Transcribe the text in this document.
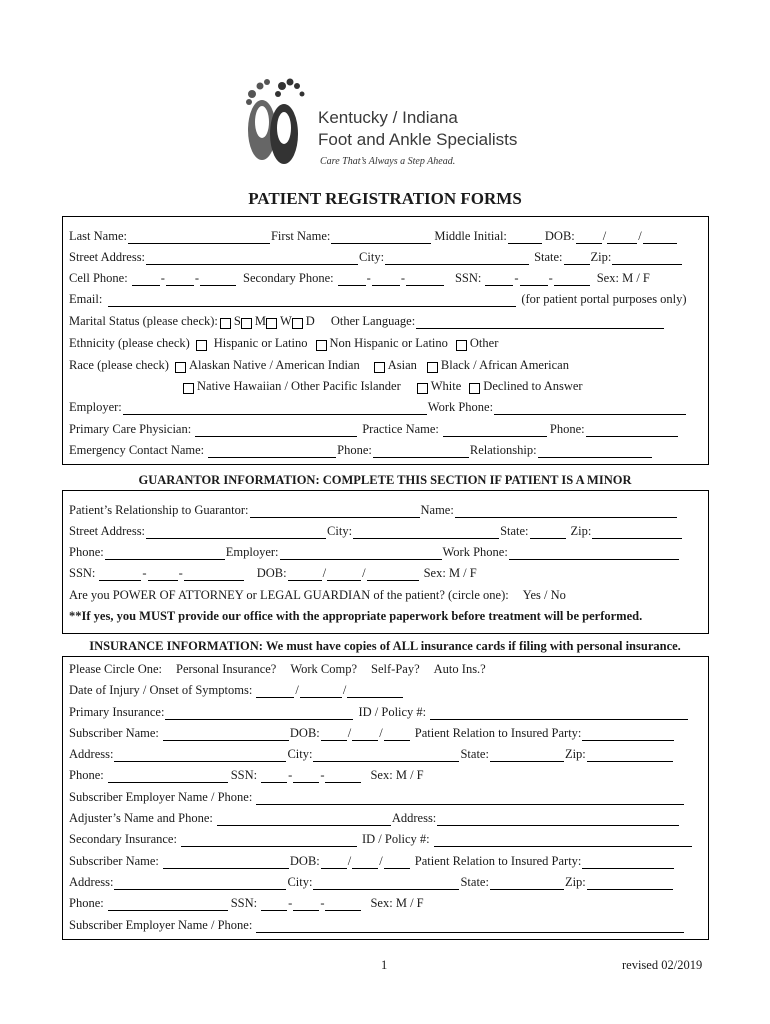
Kentucky / Indiana
Foot and Ankle Specialists
Care That’s Always a Step Ahead.
PATIENT REGISTRATION FORMS
Last Name:	First Name:	Middle Initial:	DOB: /	/
Street Address:	City:	State: Zip:
Cell Phone:	- -	Secondary Phone:	- -	SSN:	- -	Sex: M / F
Email:	(for patient portal purposes only)
Marital Status (please check): S M W D Other Language:
Ethnicity (please check) Hispanic or Latino Non Hispanic or Latino Other
Race (please check) Alaskan Native / American Indian Asian Black / African American
Native Hawaiian / Other Pacific Islander White Declined to Answer
Employer:	Work Phone:
Primary Care Physician:	Practice Name:	Phone:
Emergency Contact Name:	Phone:	Relationship:
GUARANTOR INFORMATION: COMPLETE THIS SECTION IF PATIENT IS A MINOR
Patient’s Relationship to Guarantor:	Name:
Street Address:	City:	State:	Zip:
Phone:	Employer:	Work Phone:
SSN:	-	-	DOB:	/	/	Sex: M / F
Are you POWER OF ATTORNEY or LEGAL GUARDIAN of the patient? (circle one): Yes / No
**If yes, you MUST provide our office with the appropriate paperwork before treatment will be performed.
INSURANCE INFORMATION: We must have copies of ALL insurance cards if filing with personal insurance.
Please Circle One: Personal Insurance? Work Comp? Self-Pay? Auto Ins.?
Date of Injury / Onset of Symptoms:	/	/
Primary Insurance:	ID / Policy #:
Subscriber Name:	DOB: / /	Patient Relation to Insured Party:
Address:	City:	State:	Zip:
Phone:	SSN: - -	Sex: M / F
Subscriber Employer Name / Phone:
Adjuster’s Name and Phone:	Address:
Secondary Insurance:	ID / Policy #:
Subscriber Name:	DOB: / /	Patient Relation to Insured Party:
Address:	City:	State:	Zip:
Phone:	SSN: - -	Sex: M / F
Subscriber Employer Name / Phone:
1	revised 02/2019
